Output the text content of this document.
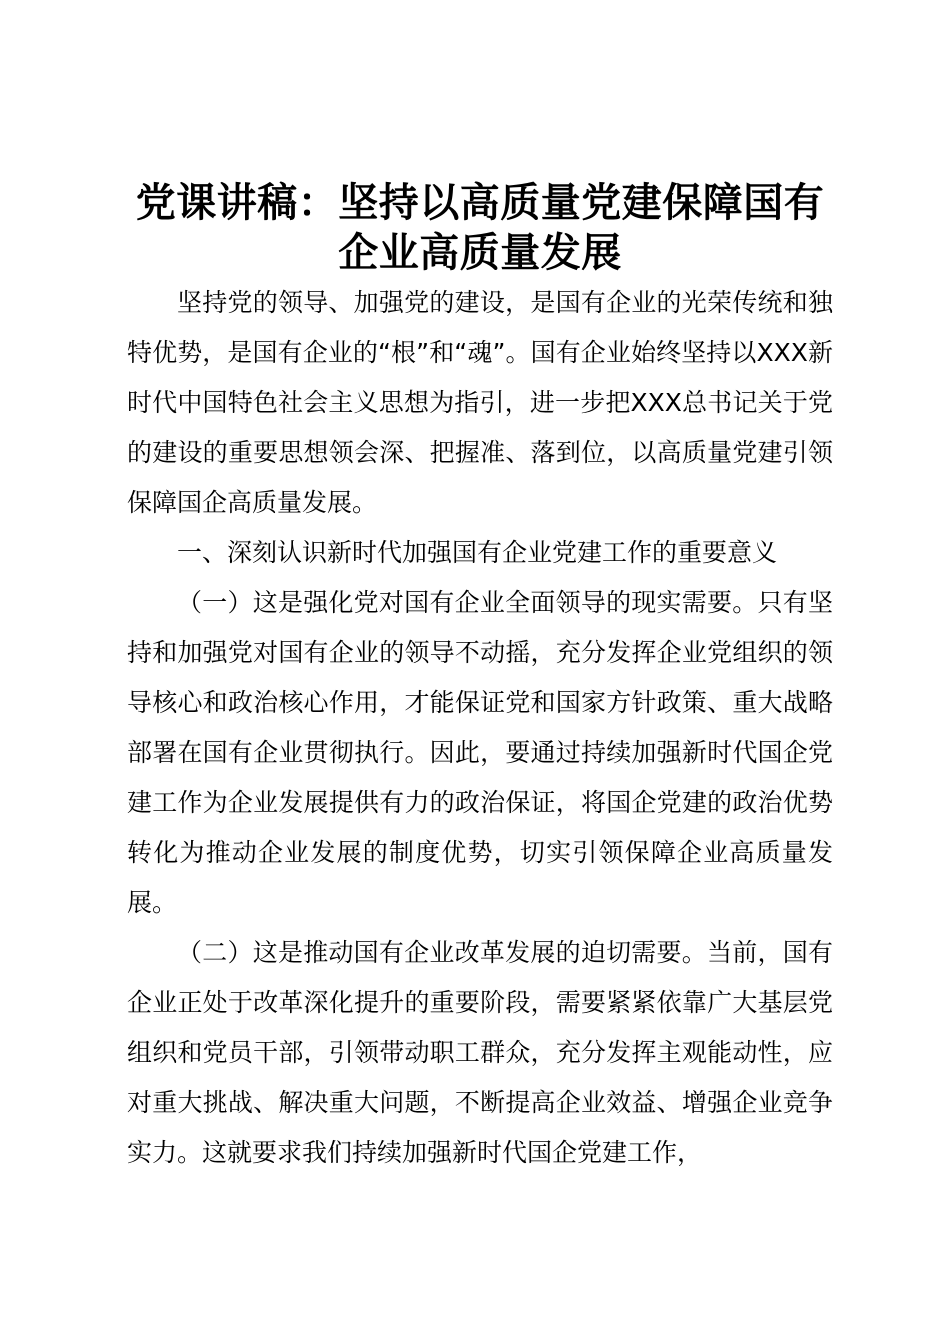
党课讲稿：坚持以高质量党建保障国有
企业高质量发展

坚持党的领导、加强党的建设，是国有企业的光荣传统和独特优势，是国有企业的“根”和“魂”。国有企业始终坚持以XXX新时代中国特色社会主义思想为指引，进一步把XXX总书记关于党的建设的重要思想领会深、把握准、落到位，以高质量党建引领保障国企高质量发展。

一、深刻认识新时代加强国有企业党建工作的重要意义

（一）这是强化党对国有企业全面领导的现实需要。只有坚持和加强党对国有企业的领导不动摇，充分发挥企业党组织的领导核心和政治核心作用，才能保证党和国家方针政策、重大战略部署在国有企业贯彻执行。因此，要通过持续加强新时代国企党建工作为企业发展提供有力的政治保证，将国企党建的政治优势转化为推动企业发展的制度优势，切实引领保障企业高质量发展。

（二）这是推动国有企业改革发展的迫切需要。当前，国有企业正处于改革深化提升的重要阶段，需要紧紧依靠广大基层党组织和党员干部，引领带动职工群众，充分发挥主观能动性，应对重大挑战、解决重大问题，不断提高企业效益、增强企业竞争实力。这就要求我们持续加强新时代国企党建工作，
